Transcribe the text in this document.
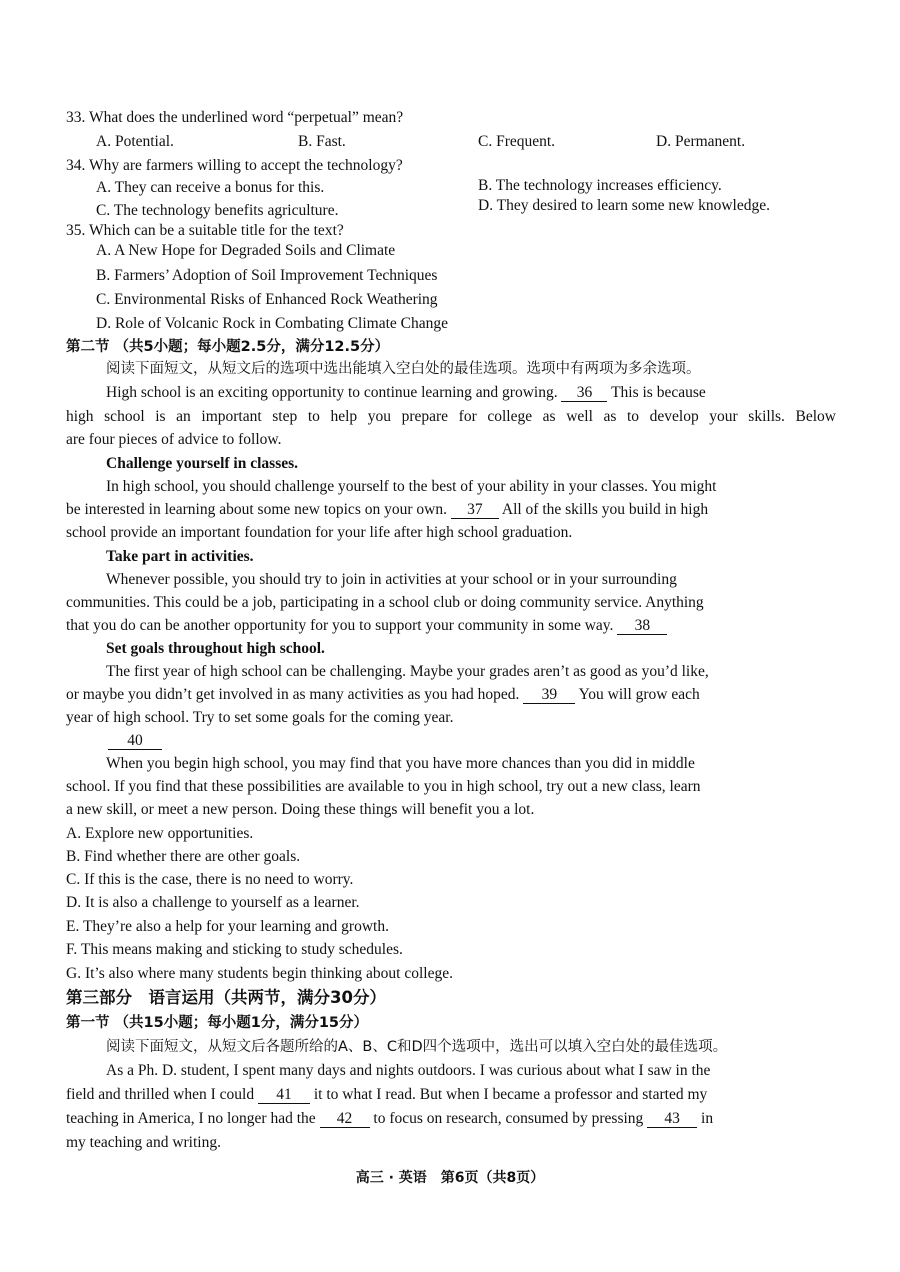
33. What does the underlined word “perpetual” mean?
A. Potential.	B. Fast.	C. Frequent.	D. Permanent.
34. Why are farmers willing to accept the technology?
A. They can receive a bonus for this.	B. The technology increases efficiency.
C. The technology benefits agriculture.	D. They desired to learn some new knowledge.
35. Which can be a suitable title for the text?
A. A New Hope for Degraded Soils and Climate
B. Farmers’ Adoption of Soil Improvement Techniques
C. Environmental Risks of Enhanced Rock Weathering
D. Role of Volcanic Rock in Combating Climate Change
第二节 （共5小题；每小题2.5分，满分12.5分）
阅读下面短文，从短文后的选项中选出能填入空白处的最佳选项。选项中有两项为多余选项。
High school is an exciting opportunity to continue learning and growing. 36 This is because
high school is an important step to help you prepare for college as well as to develop your skills. Below
are four pieces of advice to follow.
Challenge yourself in classes.
In high school, you should challenge yourself to the best of your ability in your classes. You might
be interested in learning about some new topics on your own. 37 All of the skills you build in high
school provide an important foundation for your life after high school graduation.
Take part in activities.
Whenever possible, you should try to join in activities at your school or in your surrounding
communities. This could be a job, participating in a school club or doing community service. Anything
that you do can be another opportunity for you to support your community in some way. 38
Set goals throughout high school.
The first year of high school can be challenging. Maybe your grades aren’t as good as you’d like,
or maybe you didn’t get involved in as many activities as you had hoped. 39 You will grow each
year of high school. Try to set some goals for the coming year.
40
When you begin high school, you may find that you have more chances than you did in middle
school. If you find that these possibilities are available to you in high school, try out a new class, learn
a new skill, or meet a new person. Doing these things will benefit you a lot.
A. Explore new opportunities.
B. Find whether there are other goals.
C. If this is the case, there is no need to worry.
D. It is also a challenge to yourself as a learner.
E. They’re also a help for your learning and growth.
F. This means making and sticking to study schedules.
G. It’s also where many students begin thinking about college.
第三部分　语言运用（共两节，满分30分）
第一节 （共15小题；每小题1分，满分15分）
阅读下面短文，从短文后各题所给的A、B、C和D四个选项中，选出可以填入空白处的最佳选项。
As a Ph. D. student, I spent many days and nights outdoors. I was curious about what I saw in the
field and thrilled when I could 41 it to what I read. But when I became a professor and started my
teaching in America, I no longer had the 42 to focus on research, consumed by pressing 43 in
my teaching and writing.
高三 · 英语　第6页（共8页）
